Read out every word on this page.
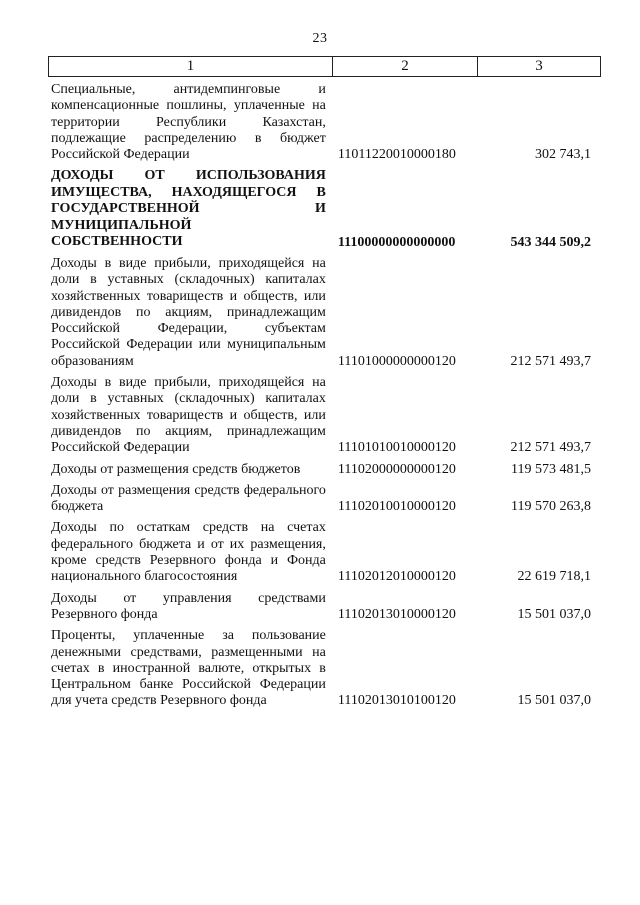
23
1	2	3
Специальные, антидемпинговые и компенсационные пошлины, уплаченные на территории Республики Казахстан, подлежащие распределению в бюджет Российской Федерации	11011220010000180	302 743,1
ДОХОДЫ ОТ ИСПОЛЬЗОВАНИЯ ИМУЩЕСТВА, НАХОДЯЩЕГОСЯ В ГОСУДАРСТВЕННОЙ И МУНИЦИПАЛЬНОЙ СОБСТВЕННОСТИ	11100000000000000	543 344 509,2
Доходы в виде прибыли, приходящейся на доли в уставных (складочных) капиталах хозяйственных товариществ и обществ, или дивидендов по акциям, принадлежащим Российской Федерации, субъектам Российской Федерации или муниципальным образованиям	11101000000000120	212 571 493,7
Доходы в виде прибыли, приходящейся на доли в уставных (складочных) капиталах хозяйственных товариществ и обществ, или дивидендов по акциям, принадлежащим Российской Федерации	11101010010000120	212 571 493,7
Доходы от размещения средств бюджетов	11102000000000120	119 573 481,5
Доходы от размещения средств федерального бюджета	11102010010000120	119 570 263,8
Доходы по остаткам средств на счетах федерального бюджета и от их размещения, кроме средств Резервного фонда и Фонда национального благосостояния	11102012010000120	22 619 718,1
Доходы от управления средствами Резервного фонда	11102013010000120	15 501 037,0
Проценты, уплаченные за пользование денежными средствами, размещенными на счетах в иностранной валюте, открытых в Центральном банке Российской Федерации для учета средств Резервного фонда	11102013010100120	15 501 037,0
